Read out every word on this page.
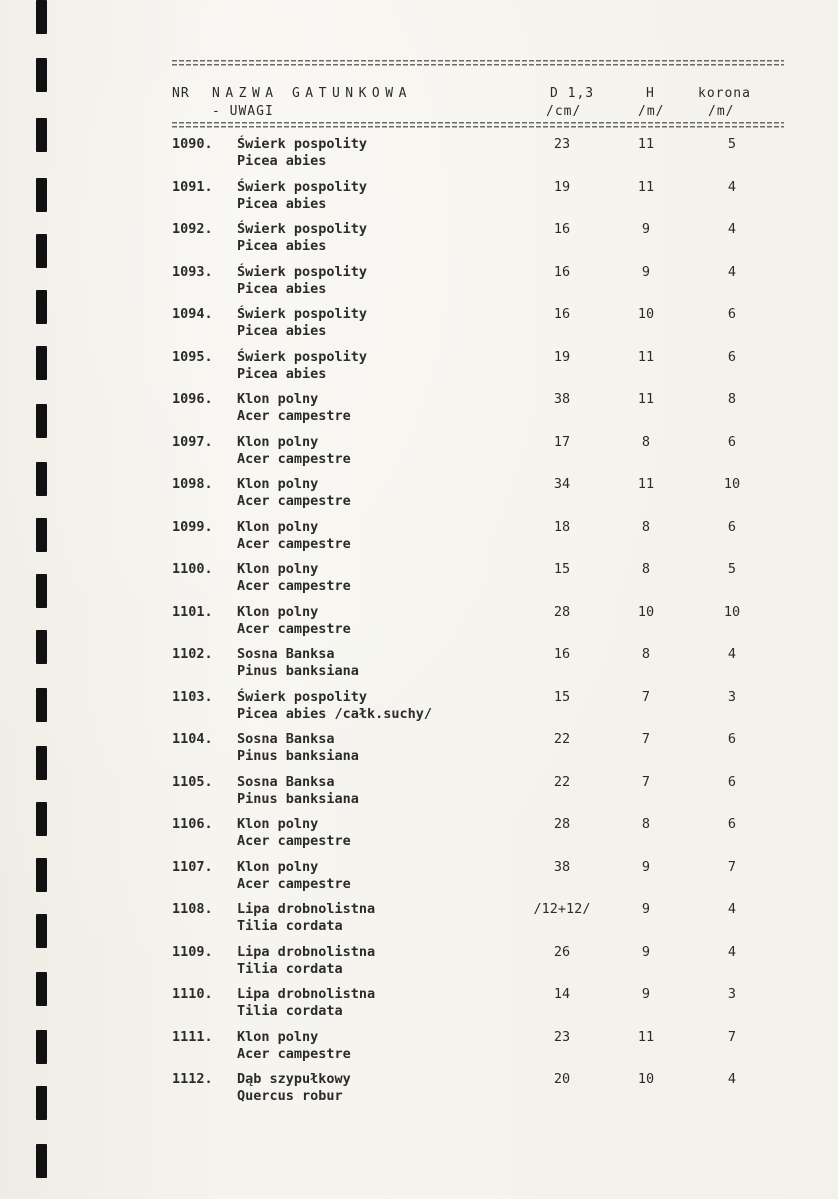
NR NAZWA GATUNKOWA
- UWAGI
D 1,3
/cm/
H
/m/
korona
/m/
1090.	Świerk pospolity
Picea abies
23	11	5
1091.	Świerk pospolity
Picea abies
19	11	4
1092.	Świerk pospolity
Picea abies
16	9	4
1093.	Świerk pospolity
Picea abies
16	9	4
1094.	Świerk pospolity
Picea abies
16	10	6
1095.	Świerk pospolity
Picea abies
19	11	6
1096.	Klon polny
Acer campestre
38	11	8
1097.	Klon polny
Acer campestre
17	8	6
1098.	Klon polny
Acer campestre
34	11	10
1099.	Klon polny
Acer campestre
18	8	6
1100.	Klon polny
Acer campestre
15	8	5
1101.	Klon polny
Acer campestre
28	10	10
1102.	Sosna Banksa
Pinus banksiana
16	8	4
1103.	Świerk pospolity
Picea abies /całk.suchy/
15	7	3
1104.	Sosna Banksa
Pinus banksiana
22	7	6
1105.	Sosna Banksa
Pinus banksiana
22	7	6
1106.	Klon polny
Acer campestre
28	8	6
1107.	Klon polny
Acer campestre
38	9	7
1108.	Lipa drobnolistna
Tilia cordata
/12+12/	9	4
1109.	Lipa drobnolistna
Tilia cordata
26	9	4
1110.	Lipa drobnolistna
Tilia cordata
14	9	3
1111.	Klon polny
Acer campestre
23	11	7
1112.	Dąb szypułkowy
Quercus robur
20	10	4
